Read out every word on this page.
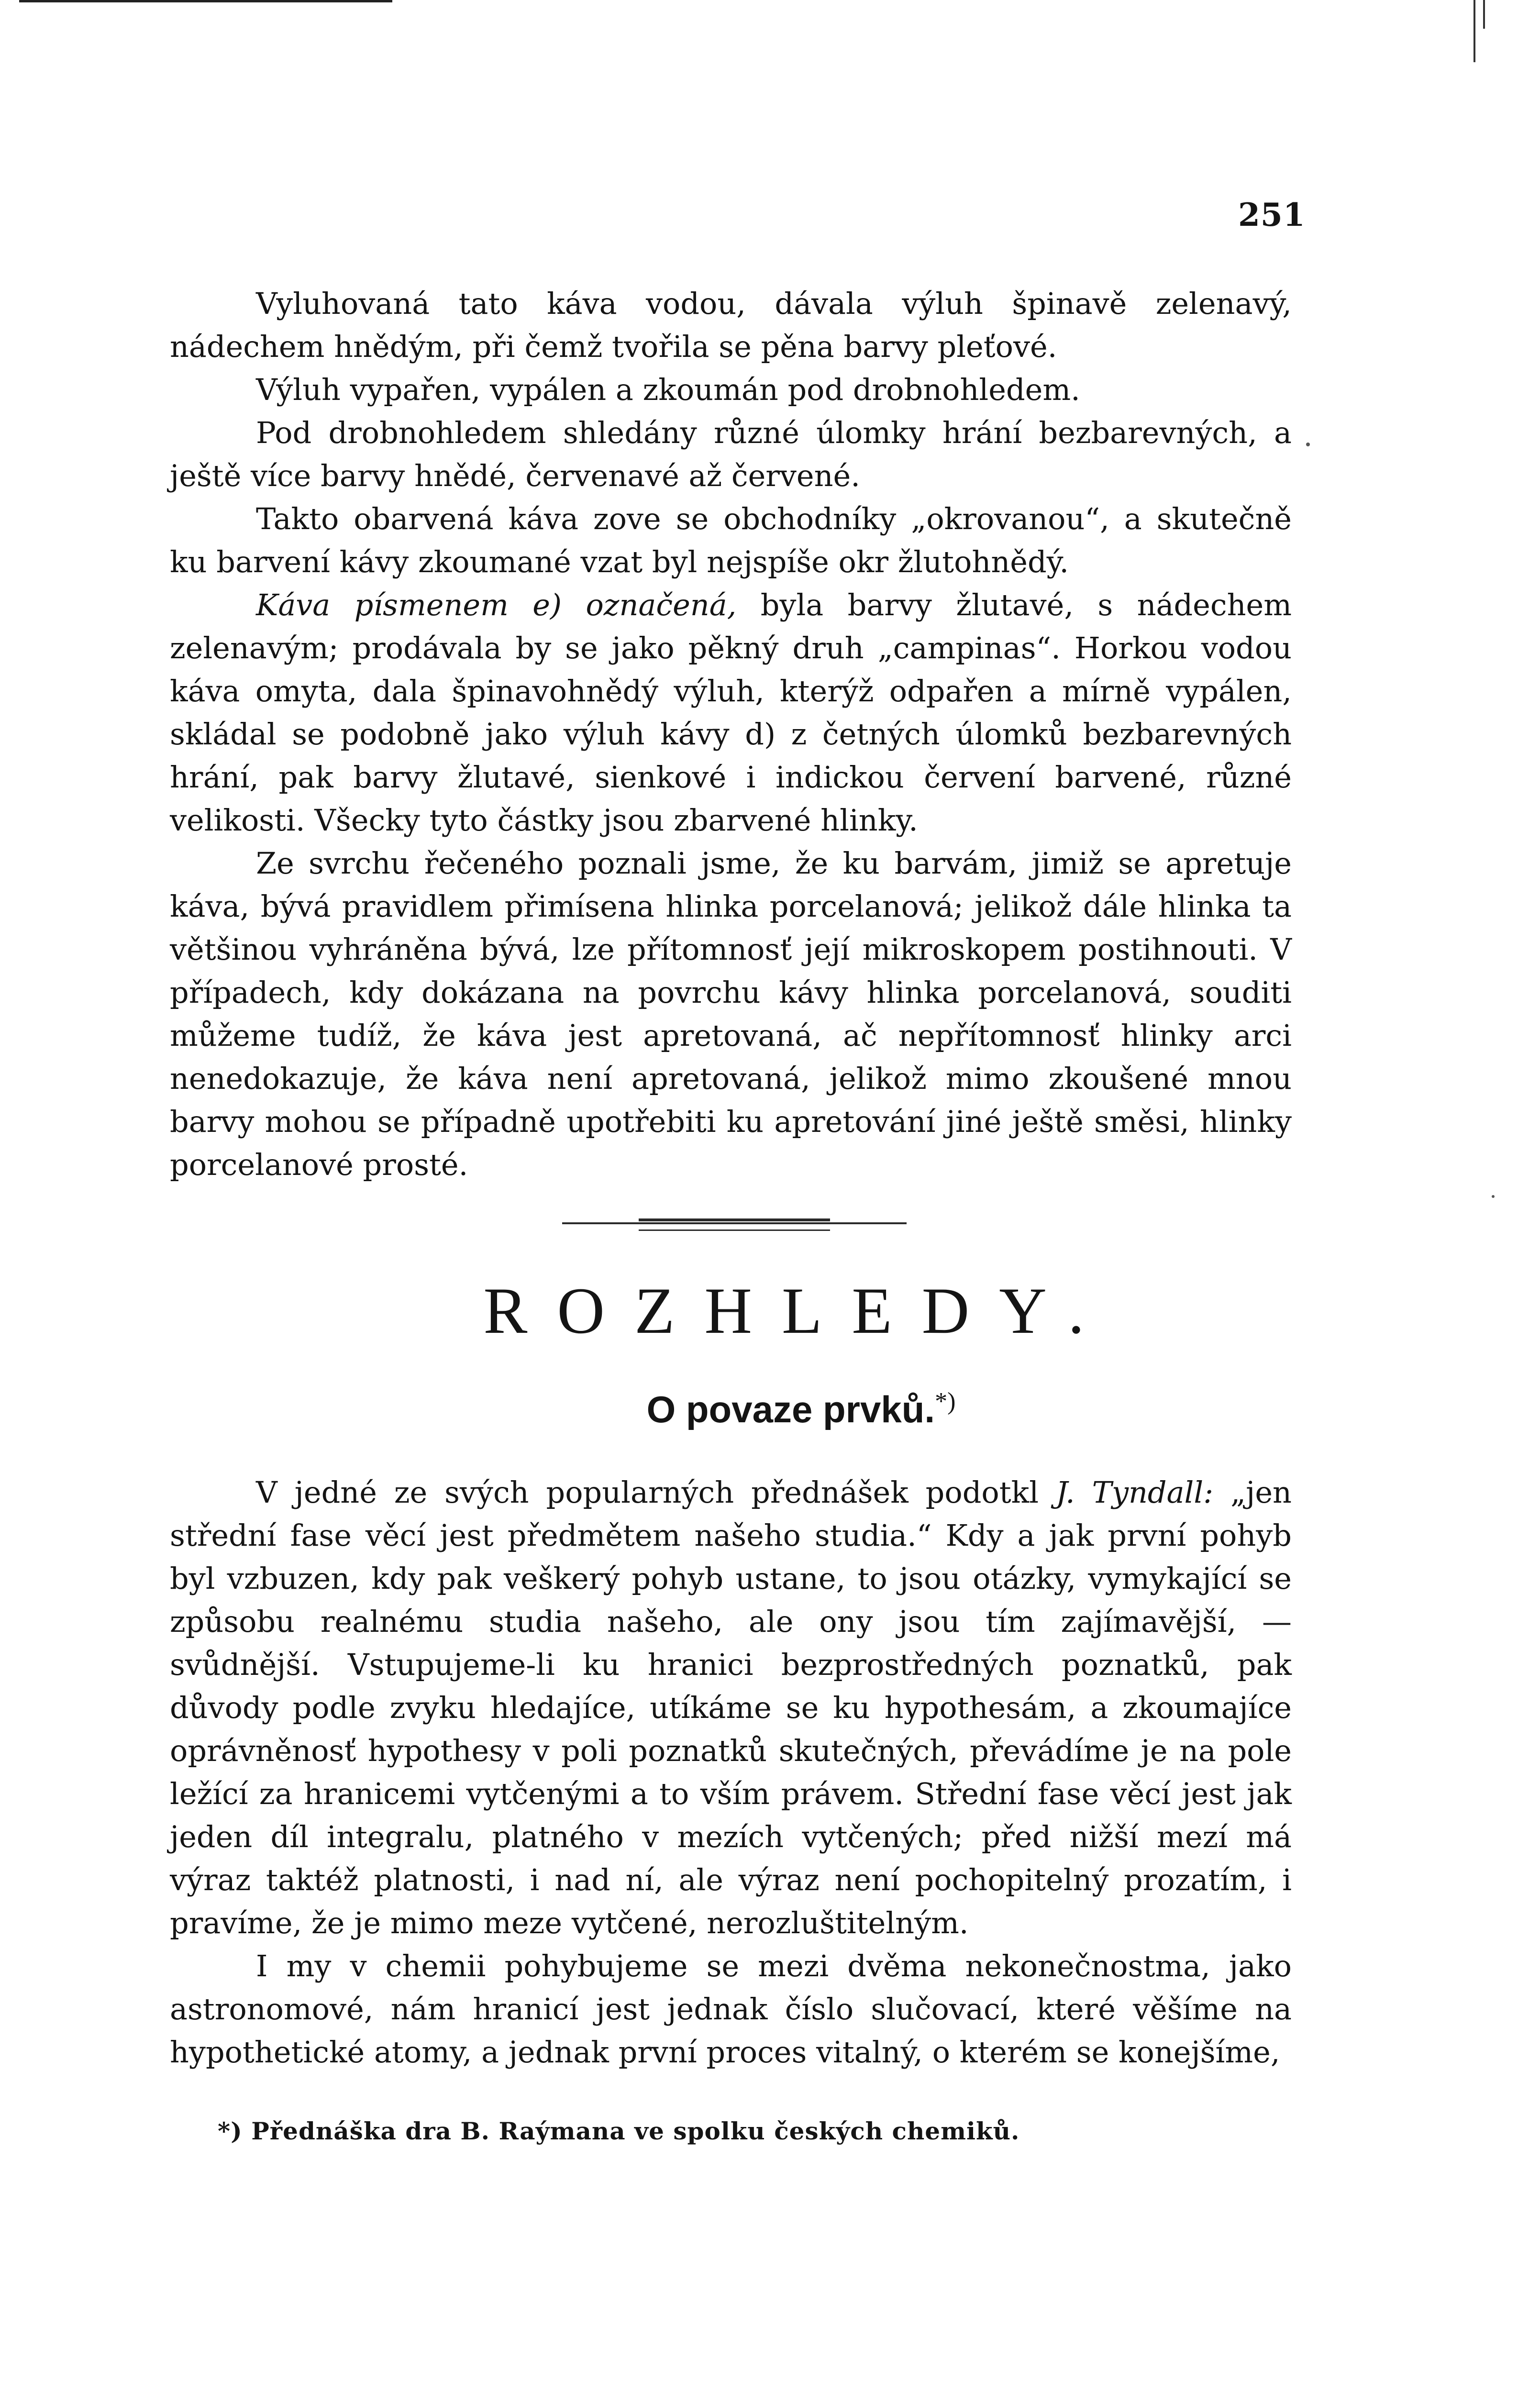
251

Vyluhovaná tato káva vodou, dávala výluh špinavě zelenavý, nádechem hnědým, při čemž tvořila se pěna barvy pleťové.

Výluh vypařen, vypálen a zkoumán pod drobnohledem.

Pod drobnohledem shledány různé úlomky hrání bezbarevných, a ještě více barvy hnědé, červenavé až červené.

Takto obarvená káva zove se obchodníky „okrovanou“, a skutečně ku barvení kávy zkoumané vzat byl nejspíše okr žlutohnědý.

Káva písmenem e) označená, byla barvy žlutavé, s nádechem zelenavým; prodávala by se jako pěkný druh „campinas“. Horkou vodou káva omyta, dala špinavohnědý výluh, kterýž odpařen a mírně vypálen, skládal se podobně jako výluh kávy d) z četných úlomků bezbarevných hrání, pak barvy žlutavé, sienkové i indickou červení barvené, různé velikosti. Všecky tyto částky jsou zbarvené hlinky.

Ze svrchu řečeného poznali jsme, že ku barvám, jimiž se apretuje káva, bývá pravidlem přimísena hlinka porcelanová; jelikož dále hlinka ta většinou vyhráněna bývá, lze přítomnosť její mikroskopem postihnouti. V případech, kdy dokázana na povrchu kávy hlinka porcelanová, souditi můžeme tudíž, že káva jest apretovaná, ač nepřítomnosť hlinky arci nenedokazuje, že káva není apretovaná, jelikož mimo zkoušené mnou barvy mohou se případně upotřebiti ku apretování jiné ještě směsi, hlinky porcelanové prosté.

ROZHLEDY.
O povaze prvků.*)

V jedné ze svých popularných přednášek podotkl J. Tyndall: „jen střední fase věcí jest předmětem našeho studia.“ Kdy a jak první pohyb byl vzbuzen, kdy pak veškerý pohyb ustane, to jsou otázky, vymykající se způsobu realnému studia našeho, ale ony jsou tím zajímavější, — svůdnější. Vstupujeme-li ku hranici bezprostředných poznatků, pak důvody podle zvyku hledajíce, utíkáme se ku hypothesám, a zkoumajíce oprávněnosť hypothesy v poli poznatků skutečných, převádíme je na pole ležící za hranicemi vytčenými a to vším právem. Střední fase věcí jest jak jeden díl integralu, platného v mezích vytčených; před nižší mezí má výraz taktéž platnosti, i nad ní, ale výraz není pochopitelný prozatím, i pravíme, že je mimo meze vytčené, nerozluštitelným.

I my v chemii pohybujeme se mezi dvěma nekonečnostma, jako astronomové, nám hranicí jest jednak číslo slučovací, které věšíme na hypothetické atomy, a jednak první proces vitalný, o kterém se konejšíme,

*) Přednáška dra B. Raýmana ve spolku českých chemiků.
